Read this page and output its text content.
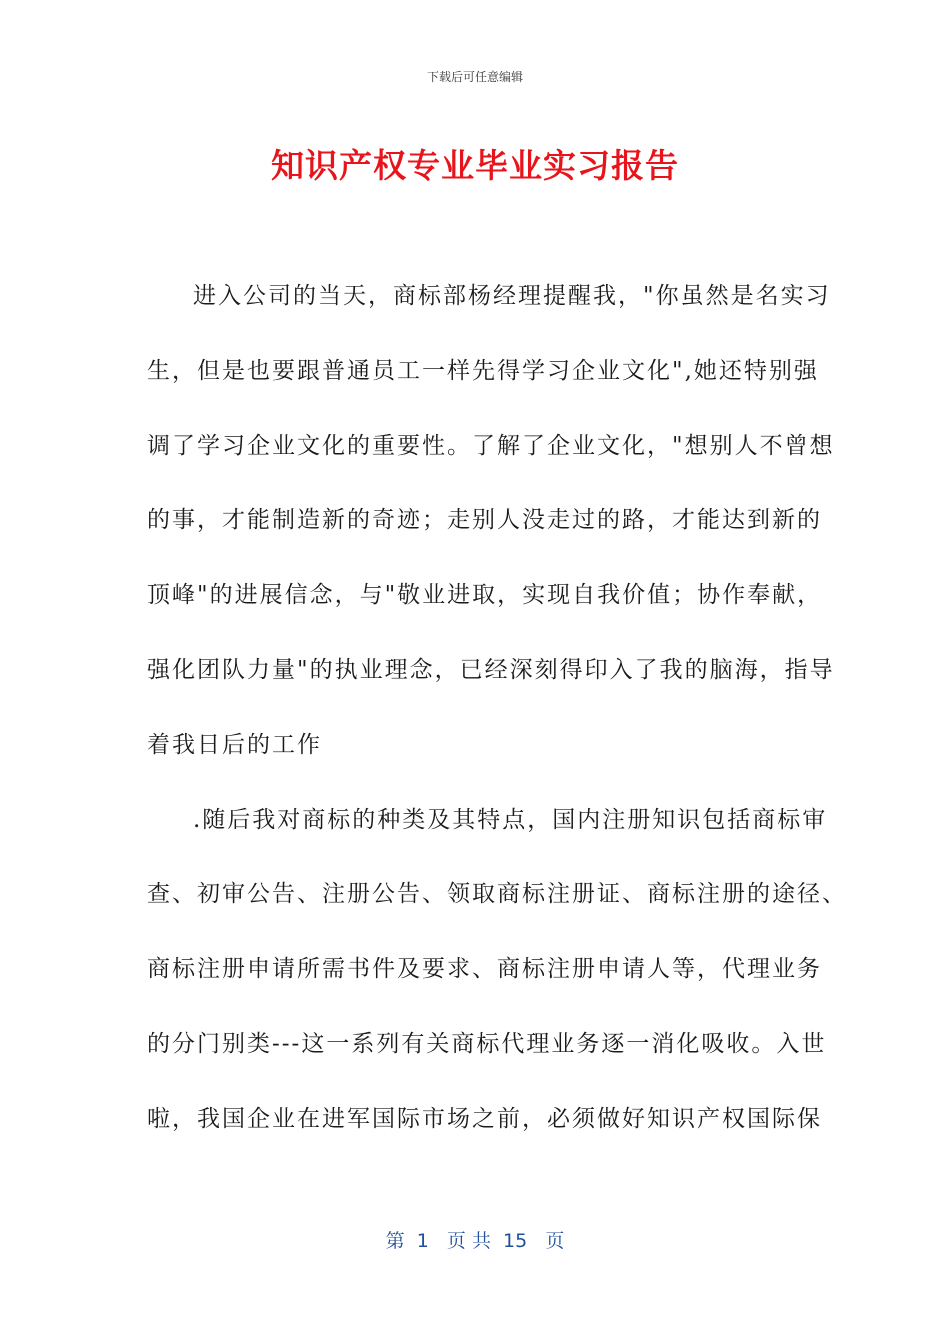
下载后可任意编辑
知识产权专业毕业实习报告
进入公司的当天，商标部杨经理提醒我，"你虽然是名实习
生，但是也要跟普通员工一样先得学习企业文化",她还特别强
调了学习企业文化的重要性。了解了企业文化，"想别人不曾想
的事，才能制造新的奇迹；走别人没走过的路，才能达到新的
顶峰"的进展信念，与"敬业进取，实现自我价值；协作奉献，
强化团队力量"的执业理念，已经深刻得印入了我的脑海，指导
着我日后的工作
.随后我对商标的种类及其特点，国内注册知识包括商标审
查、初审公告、注册公告、领取商标注册证、商标注册的途径、
商标注册申请所需书件及要求、商标注册申请人等，代理业务
的分门别类---这一系列有关商标代理业务逐一消化吸收。入世
啦，我国企业在进军国际市场之前，必须做好知识产权国际保
第  1   页 共  15   页
